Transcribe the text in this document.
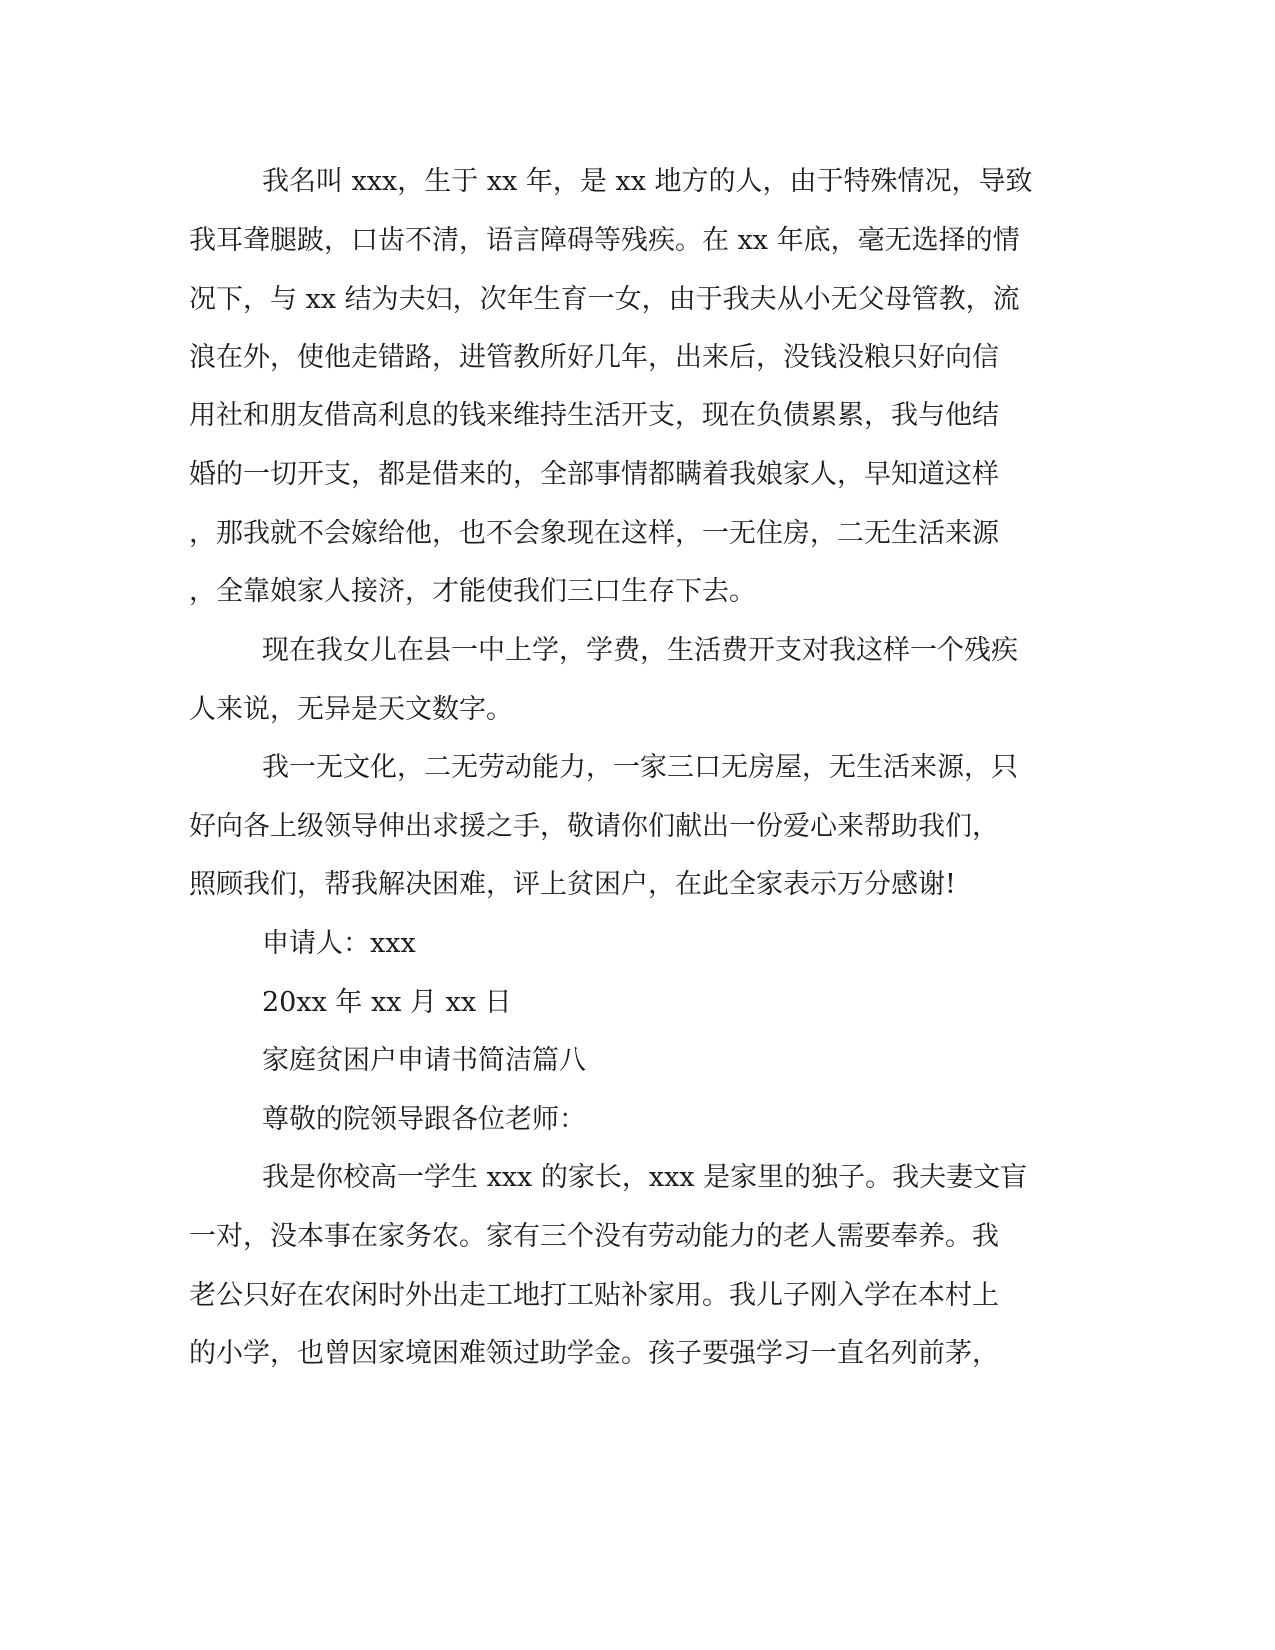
我名叫 xxx，生于 xx 年，是 xx 地方的人，由于特殊情况，导致
我耳聋腿跛，口齿不清，语言障碍等残疾。在 xx 年底，毫无选择的情
况下，与 xx 结为夫妇，次年生育一女，由于我夫从小无父母管教，流
浪在外，使他走错路，进管教所好几年，出来后，没钱没粮只好向信
用社和朋友借高利息的钱来维持生活开支，现在负债累累，我与他结
婚的一切开支，都是借来的，全部事情都瞒着我娘家人，早知道这样
，那我就不会嫁给他，也不会象现在这样，一无住房，二无生活来源
，全靠娘家人接济，才能使我们三口生存下去。
现在我女儿在县一中上学，学费，生活费开支对我这样一个残疾
人来说，无异是天文数字。
我一无文化，二无劳动能力，一家三口无房屋，无生活来源，只
好向各上级领导伸出求援之手，敬请你们献出一份爱心来帮助我们，
照顾我们，帮我解决困难，评上贫困户，在此全家表示万分感谢!
申请人：xxx
20xx 年 xx 月 xx 日
家庭贫困户申请书简洁篇八
尊敬的院领导跟各位老师：
我是你校高一学生 xxx 的家长，xxx 是家里的独子。我夫妻文盲
一对，没本事在家务农。家有三个没有劳动能力的老人需要奉养。我
老公只好在农闲时外出走工地打工贴补家用。我儿子刚入学在本村上
的小学，也曾因家境困难领过助学金。孩子要强学习一直名列前茅，
